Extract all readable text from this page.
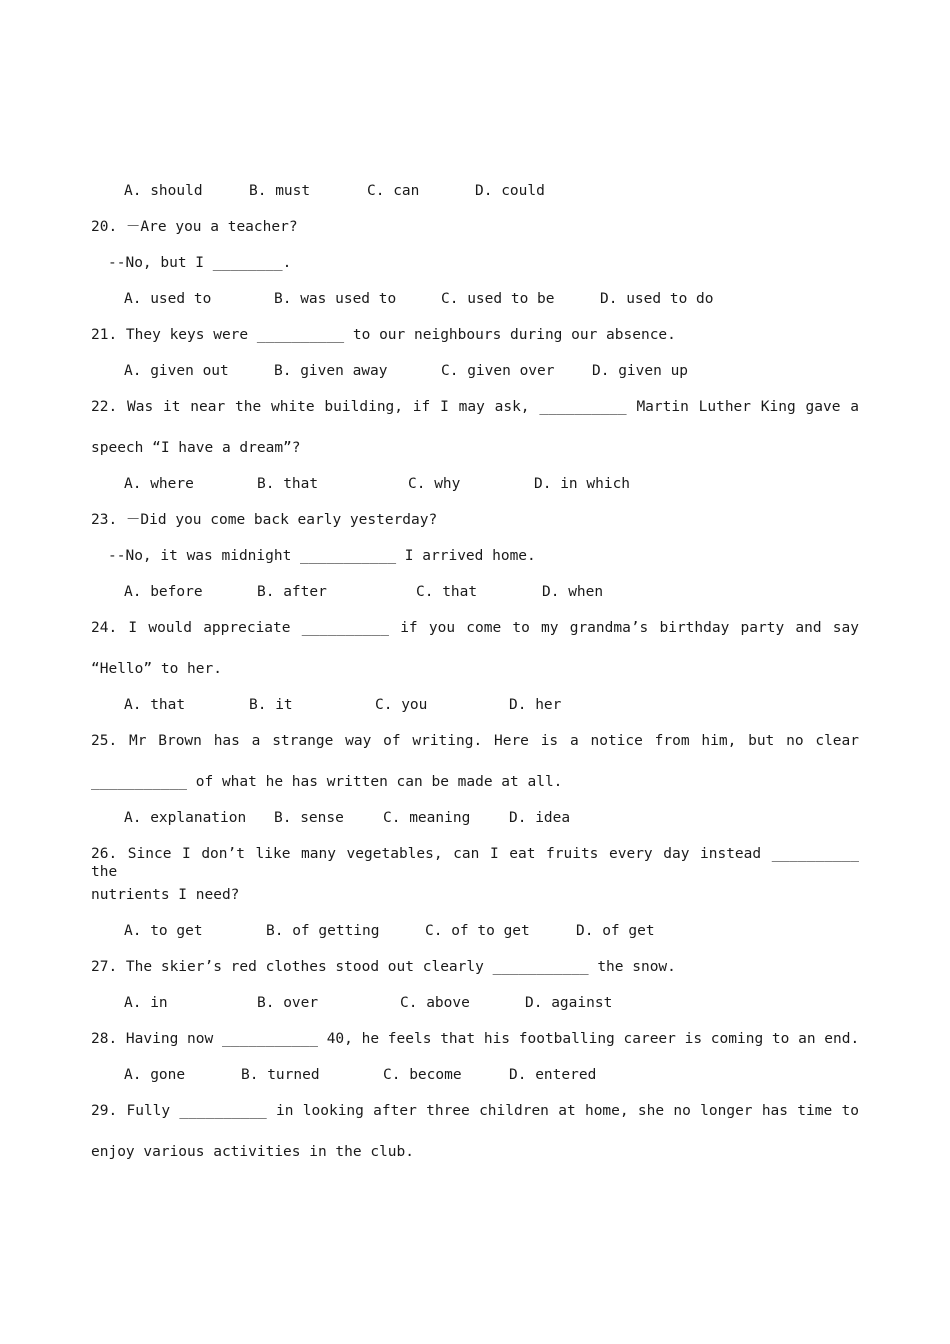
A. should

	B. must

	C. can

	D. could

20. －Are you a teacher?
--No, but I ________.

A. used to

	B. was used to

	C. used to be

	D. used to do

21. They keys were __________ to our neighbours during our absence.

A. given out

	B. given away

	C. given over

	D. given up

22. Was it near the white building, if I may ask, __________ Martin Luther King gave a
speech “I have a dream”?

A. where

	B. that

	C. why

	D. in which

23. －Did you come back early yesterday?
--No, it was midnight ___________ I arrived home.

A. before

	B. after

	C. that

	D. when

24. I would appreciate __________ if you come to my grandma’s birthday party and say
“Hello” to her.

A. that

	B. it

	C. you

	D. her

25. Mr Brown has a strange way of writing. Here is a notice from him, but no clear
___________ of what he has written can be made at all.

A. explanation

B. sense

	C. meaning

	D. idea

26. Since I don’t like many vegetables, can I eat fruits every day instead __________ the
nutrients I need?

A. to get

	B. of getting

	C. of to get

	D. of get

27. The skier’s red clothes stood out clearly ___________ the snow.

A. in

	B. over

	C. above

	D. against

28. Having now ___________ 40, he feels that his footballing career is coming to an end.

A. gone

	B. turned

	C. become

	D. entered

29. Fully __________ in looking after three children at home, she no longer has time to
enjoy various activities in the club.
